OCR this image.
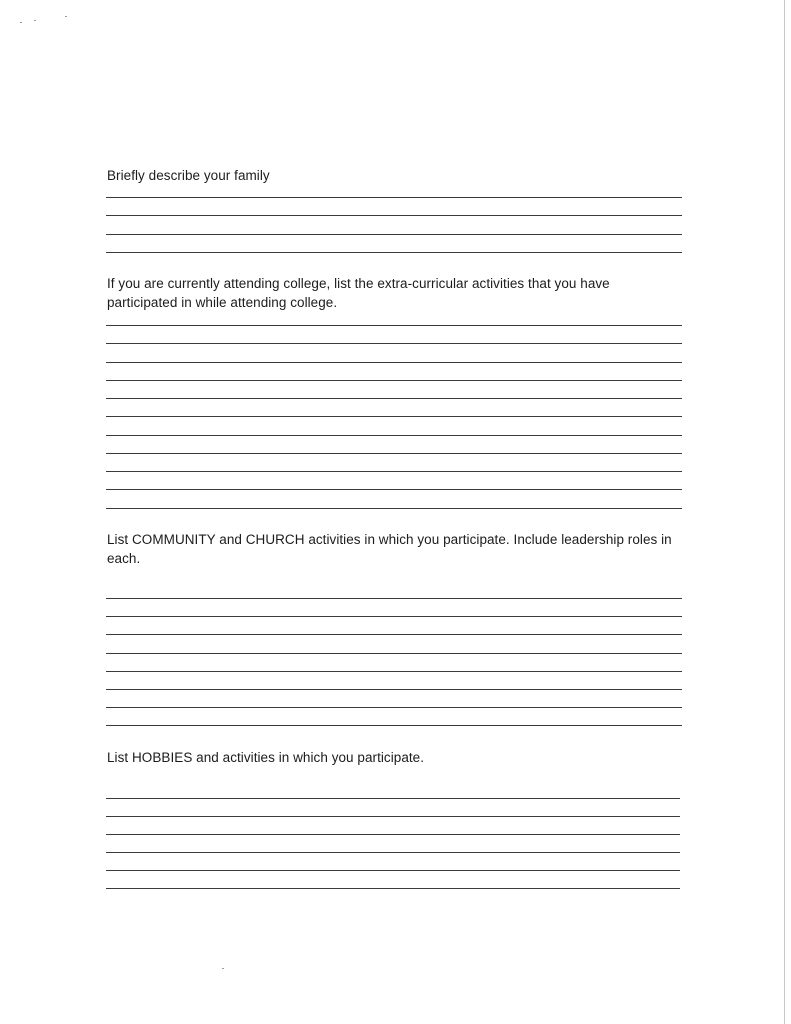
Briefly describe your family
If you are currently attending college, list the extra-curricular activities that you have participated in while attending college.
List COMMUNITY and CHURCH activities in which you participate. Include leadership roles in each.
List HOBBIES and activities in which you participate.
